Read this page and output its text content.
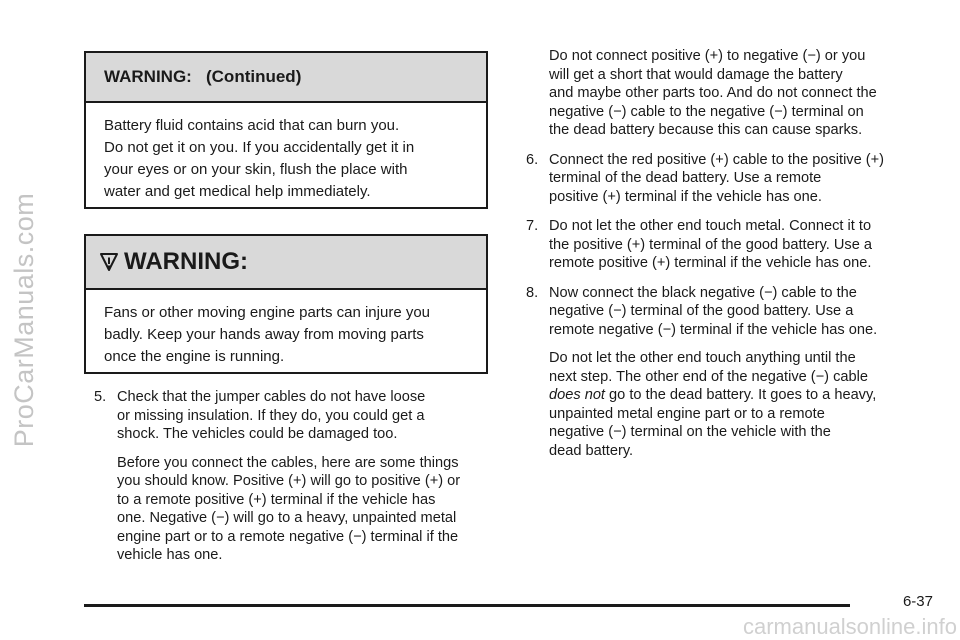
ProCarManuals.com
WARNING:   (Continued)
Battery fluid contains acid that can burn you.
Do not get it on you. If you accidentally get it in
your eyes or on your skin, flush the place with
water and get medical help immediately.
WARNING:
Fans or other moving engine parts can injure you
badly. Keep your hands away from moving parts
once the engine is running.
5. Check that the jumper cables do not have loose
or missing insulation. If they do, you could get a
shock. The vehicles could be damaged too.
Before you connect the cables, here are some things
you should know. Positive (+) will go to positive (+) or
to a remote positive (+) terminal if the vehicle has
one. Negative (−) will go to a heavy, unpainted metal
engine part or to a remote negative (−) terminal if the
vehicle has one.
Do not connect positive (+) to negative (−) or you
will get a short that would damage the battery
and maybe other parts too. And do not connect the
negative (−) cable to the negative (−) terminal on
the dead battery because this can cause sparks.
6. Connect the red positive (+) cable to the positive (+)
terminal of the dead battery. Use a remote
positive (+) terminal if the vehicle has one.
7. Do not let the other end touch metal. Connect it to
the positive (+) terminal of the good battery. Use a
remote positive (+) terminal if the vehicle has one.
8. Now connect the black negative (−) cable to the
negative (−) terminal of the good battery. Use a
remote negative (−) terminal if the vehicle has one.
Do not let the other end touch anything until the
next step. The other end of the negative (−) cable
does not go to the dead battery. It goes to a heavy,
unpainted metal engine part or to a remote
negative (−) terminal on the vehicle with the
dead battery.
6-37
carmanualsonline.info
